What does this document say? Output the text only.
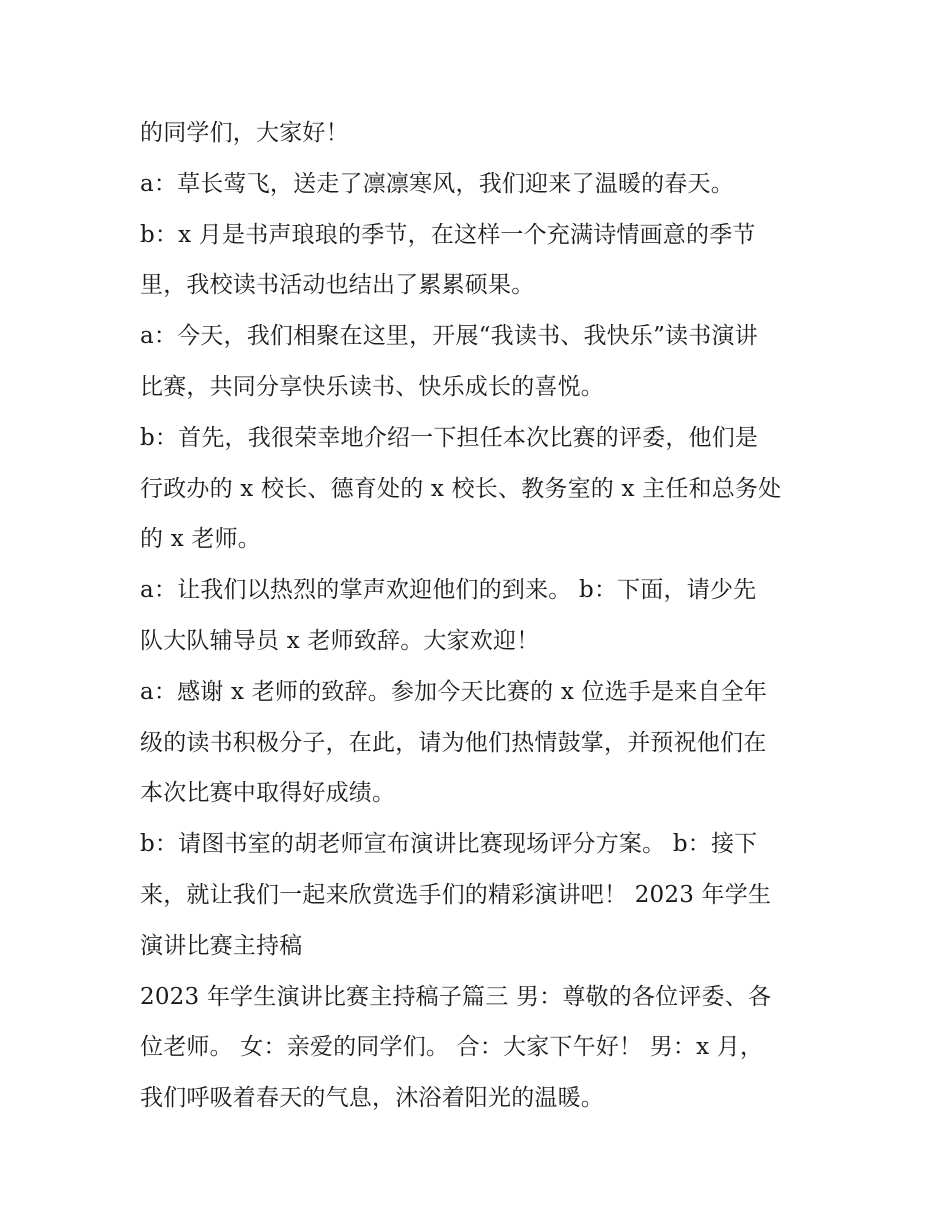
的同学们，大家好！
a：草长莺飞，送走了凛凛寒风，我们迎来了温暖的春天。
b：x 月是书声琅琅的季节，在这样一个充满诗情画意的季节
里，我校读书活动也结出了累累硕果。
a：今天，我们相聚在这里，开展“我读书、我快乐”读书演讲
比赛，共同分享快乐读书、快乐成长的喜悦。
b：首先，我很荣幸地介绍一下担任本次比赛的评委，他们是
行政办的 x 校长、德育处的 x 校长、教务室的 x 主任和总务处
的 x 老师。
a：让我们以热烈的掌声欢迎他们的到来。 b：下面，请少先
队大队辅导员 x 老师致辞。大家欢迎！
a：感谢 x 老师的致辞。参加今天比赛的 x 位选手是来自全年
级的读书积极分子，在此，请为他们热情鼓掌，并预祝他们在
本次比赛中取得好成绩。
b：请图书室的胡老师宣布演讲比赛现场评分方案。 b：接下
来，就让我们一起来欣赏选手们的精彩演讲吧！ 2023 年学生
演讲比赛主持稿
2023 年学生演讲比赛主持稿子篇三 男：尊敬的各位评委、各
位老师。 女：亲爱的同学们。 合：大家下午好！ 男：x 月，
我们呼吸着春天的气息，沐浴着阳光的温暖。
